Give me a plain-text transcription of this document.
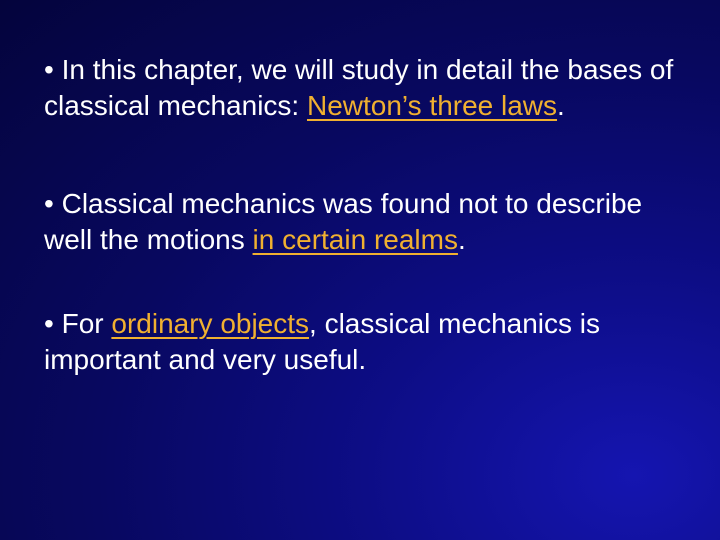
• In this chapter, we will study in detail the bases of classical mechanics: Newton’s three laws.

• Classical mechanics was found not to describe well the motions in certain realms.

• For ordinary objects, classical mechanics is important and very useful.
